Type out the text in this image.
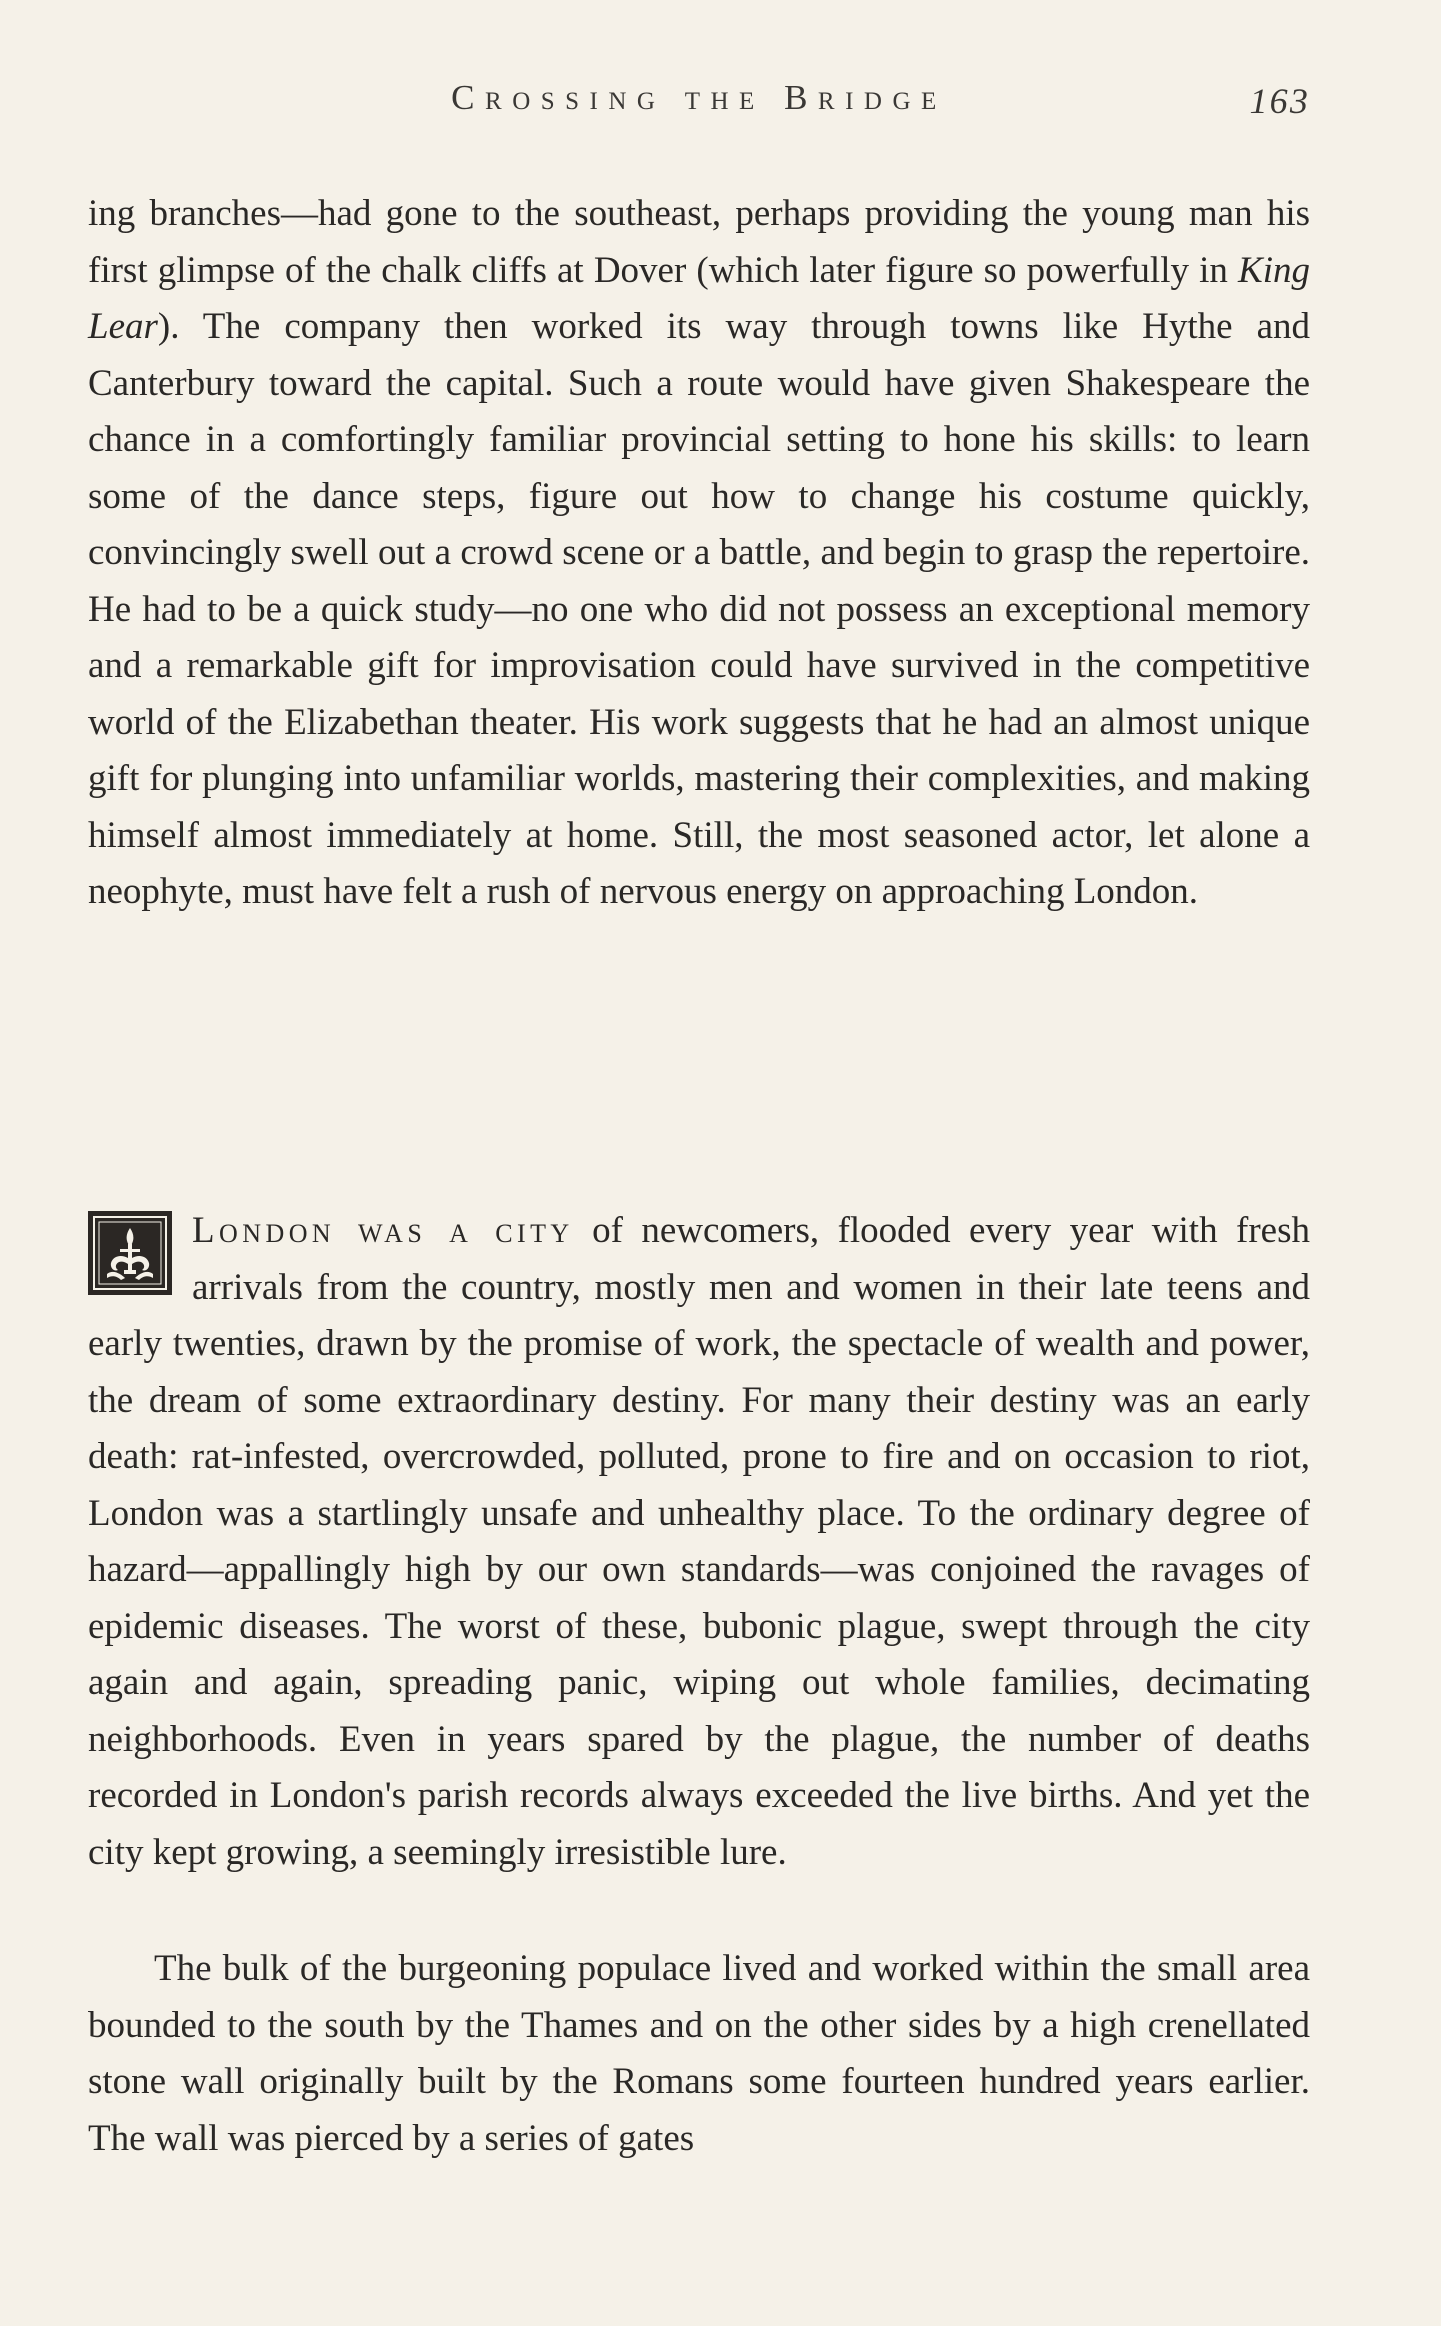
Crossing the Bridge	163

ing branches—had gone to the southeast, perhaps providing the young man his first glimpse of the chalk cliffs at Dover (which later figure so powerfully in King Lear). The company then worked its way through towns like Hythe and Canterbury toward the capital. Such a route would have given Shakespeare the chance in a comfortingly familiar provincial setting to hone his skills: to learn some of the dance steps, figure out how to change his costume quickly, convincingly swell out a crowd scene or a battle, and begin to grasp the repertoire. He had to be a quick study—no one who did not possess an exceptional memory and a remarkable gift for improvisation could have survived in the competitive world of the Elizabethan theater. His work suggests that he had an almost unique gift for plunging into unfamiliar worlds, mastering their complexities, and making himself almost immediately at home. Still, the most seasoned actor, let alone a neophyte, must have felt a rush of nervous energy on approaching London.

London was a city of newcomers, flooded every year with fresh arrivals from the country, mostly men and women in their late teens and early twenties, drawn by the promise of work, the spectacle of wealth and power, the dream of some extraordinary destiny. For many their destiny was an early death: rat-infested, overcrowded, polluted, prone to fire and on occasion to riot, London was a startlingly unsafe and unhealthy place. To the ordinary degree of hazard—appallingly high by our own standards—was conjoined the ravages of epidemic diseases. The worst of these, bubonic plague, swept through the city again and again, spreading panic, wiping out whole families, decimating neighborhoods. Even in years spared by the plague, the number of deaths recorded in London's parish records always exceeded the live births. And yet the city kept growing, a seemingly irresistible lure.

The bulk of the burgeoning populace lived and worked within the small area bounded to the south by the Thames and on the other sides by a high crenellated stone wall originally built by the Romans some fourteen hundred years earlier. The wall was pierced by a series of gates
